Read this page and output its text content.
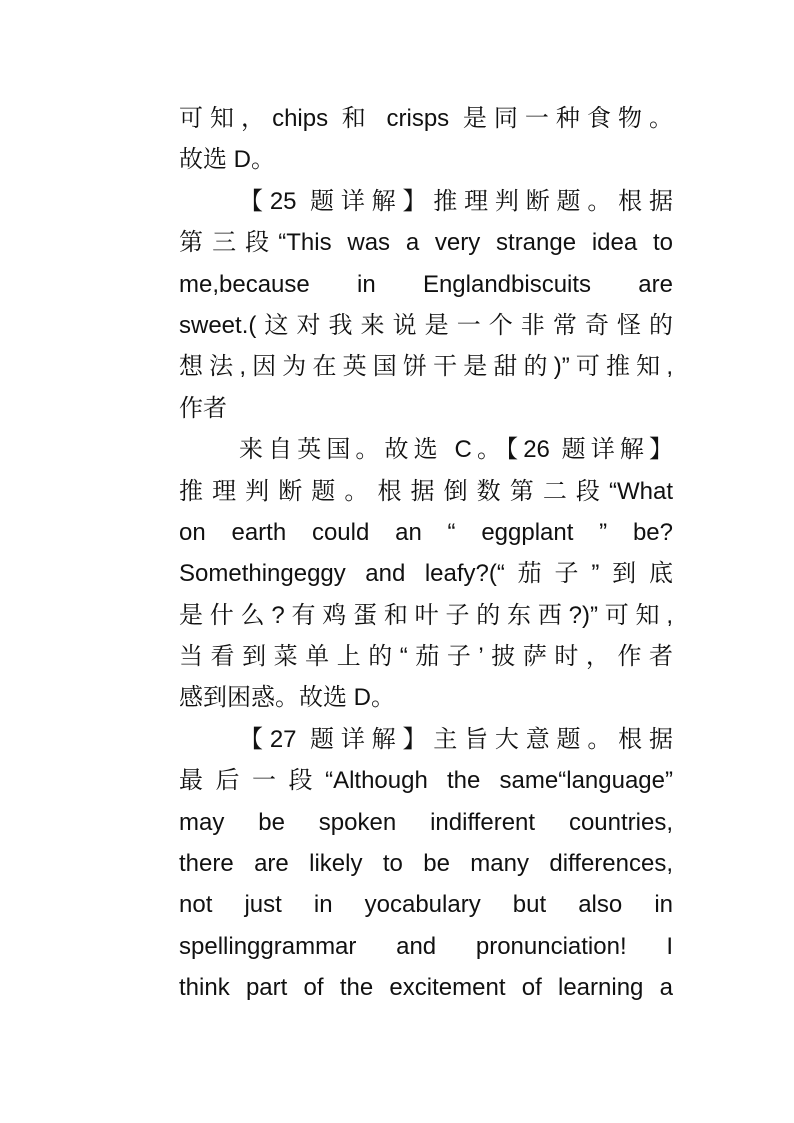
可知，chips 和 crisps 是同一种食物。
故选 D。
【25 题详解】推理判断题。根据
第三段“This was a very strange idea to
me,because in Englandbiscuits are
sweet.(这对我来说是一个非常奇怪的
想法,因为在英国饼干是甜的)”可推知,
作者
来自英国。故选 C。【26 题详解】
推理判断题。根据倒数第二段“What
on earth could an “ eggplant ” be?
Somethingeggy and leafy?(“茄子”到底
是什么?有鸡蛋和叶子的东西?)”可知,
当看到菜单上的“茄子’披萨时，作者
感到困惑。故选 D。
【27 题详解】主旨大意题。根据
最后一段“Although the same“language”
may be spoken indifferent countries,
there are likely to be many differences,
not just in yocabulary but also in
spellinggrammar and pronunciation! I
think part of the excitement of learning a
